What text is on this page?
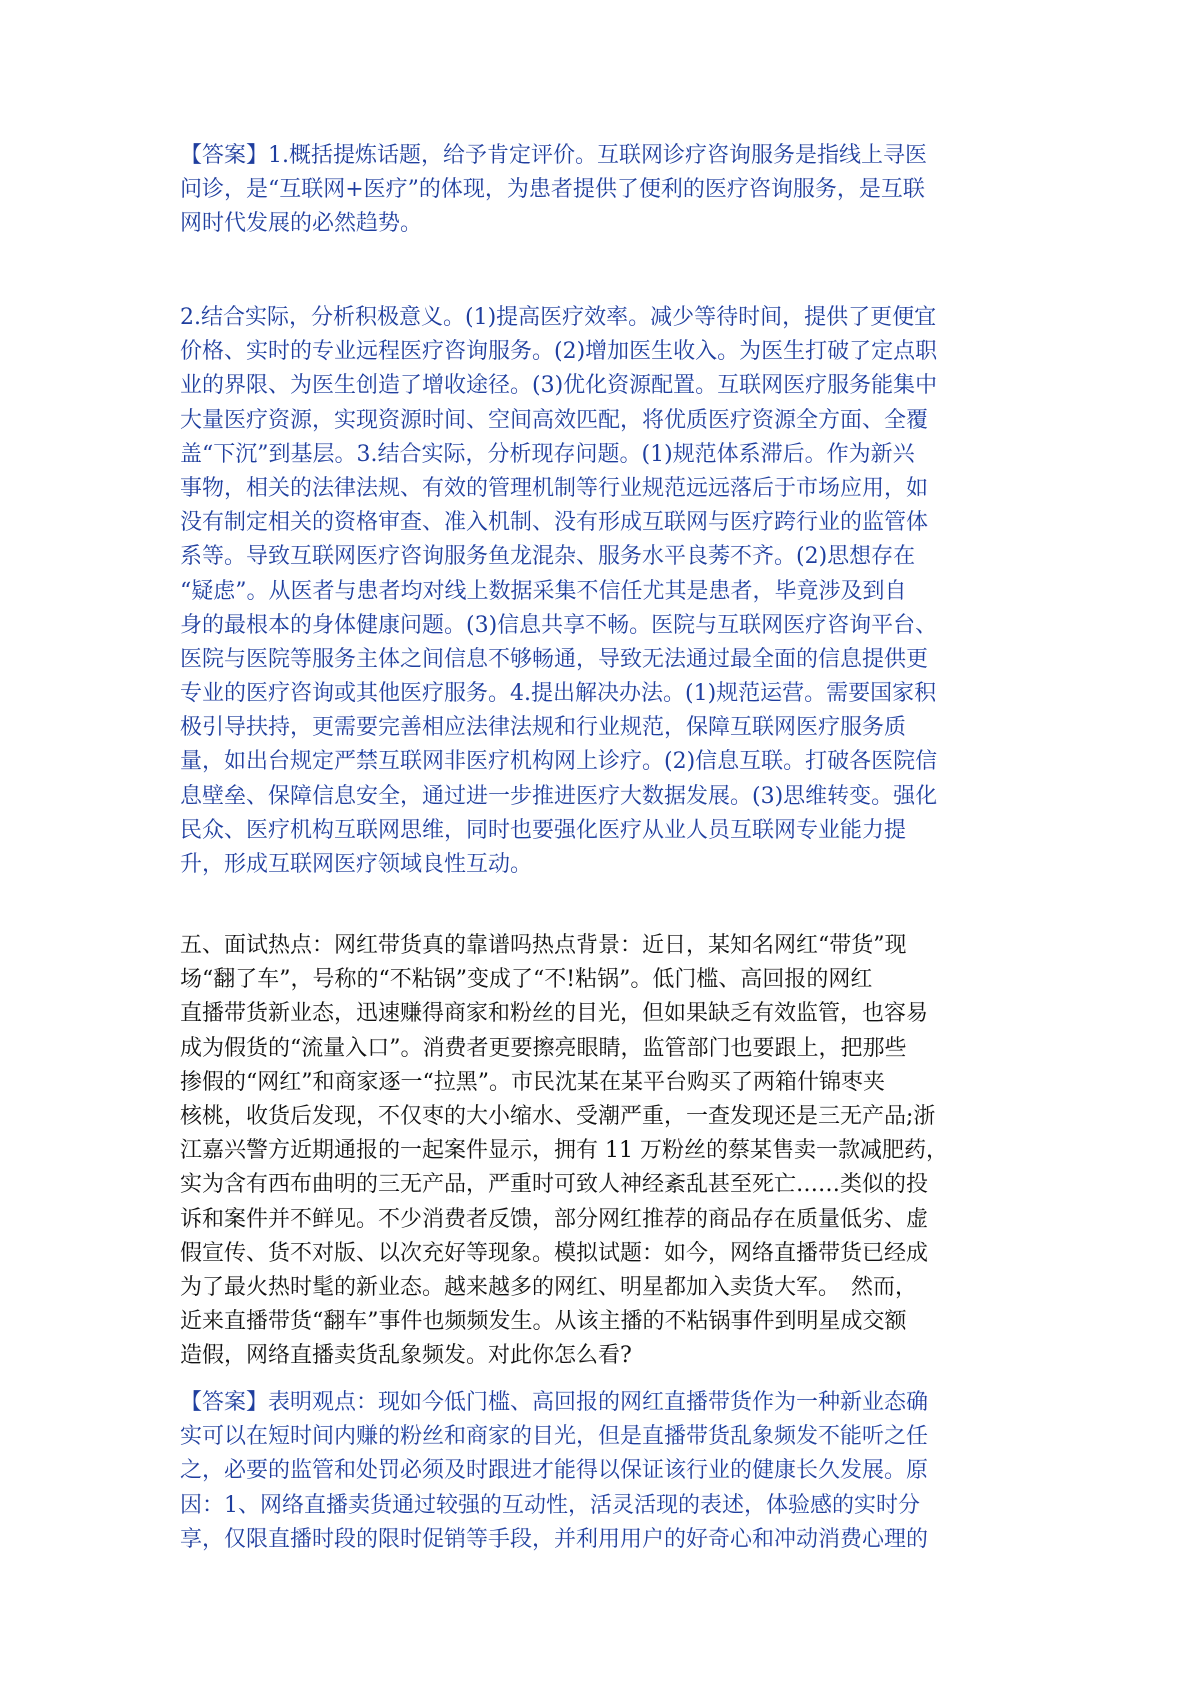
【答案】1.概括提炼话题，给予肯定评价。互联网诊疗咨询服务是指线上寻医
问诊，是“互联网+医疗”的体现，为患者提供了便利的医疗咨询服务，是互联
网时代发展的必然趋势。
2.结合实际，分析积极意义。(1)提高医疗效率。减少等待时间，提供了更便宜
价格、实时的专业远程医疗咨询服务。(2)增加医生收入。为医生打破了定点职
业的界限、为医生创造了增收途径。(3)优化资源配置。互联网医疗服务能集中
大量医疗资源，实现资源时间、空间高效匹配，将优质医疗资源全方面、全覆
盖“下沉”到基层。3.结合实际，分析现存问题。(1)规范体系滞后。作为新兴
事物，相关的法律法规、有效的管理机制等行业规范远远落后于市场应用，如
没有制定相关的资格审查、准入机制、没有形成互联网与医疗跨行业的监管体
系等。导致互联网医疗咨询服务鱼龙混杂、服务水平良莠不齐。(2)思想存在
“疑虑”。从医者与患者均对线上数据采集不信任尤其是患者，毕竟涉及到自
身的最根本的身体健康问题。(3)信息共享不畅。医院与互联网医疗咨询平台、
医院与医院等服务主体之间信息不够畅通，导致无法通过最全面的信息提供更
专业的医疗咨询或其他医疗服务。4.提出解决办法。(1)规范运营。需要国家积
极引导扶持，更需要完善相应法律法规和行业规范，保障互联网医疗服务质
量，如出台规定严禁互联网非医疗机构网上诊疗。(2)信息互联。打破各医院信
息壁垒、保障信息安全，通过进一步推进医疗大数据发展。(3)思维转变。强化
民众、医疗机构互联网思维，同时也要强化医疗从业人员互联网专业能力提
升，形成互联网医疗领域良性互动。
五、面试热点：网红带货真的靠谱吗热点背景：近日，某知名网红“带货”现
场“翻了车”，号称的“不粘锅”变成了“不!粘锅”。低门槛、高回报的网红
直播带货新业态，迅速赚得商家和粉丝的目光，但如果缺乏有效监管，也容易
成为假货的“流量入口”。消费者更要擦亮眼睛，监管部门也要跟上，把那些
掺假的“网红”和商家逐一“拉黑”。市民沈某在某平台购买了两箱什锦枣夹
核桃，收货后发现，不仅枣的大小缩水、受潮严重，一查发现还是三无产品;浙
江嘉兴警方近期通报的一起案件显示，拥有 11 万粉丝的蔡某售卖一款减肥药，
实为含有西布曲明的三无产品，严重时可致人神经紊乱甚至死亡……类似的投
诉和案件并不鲜见。不少消费者反馈，部分网红推荐的商品存在质量低劣、虚
假宣传、货不对版、以次充好等现象。模拟试题：如今，网络直播带货已经成
为了最火热时髦的新业态。越来越多的网红、明星都加入卖货大军。　然而，
近来直播带货“翻车”事件也频频发生。从该主播的不粘锅事件到明星成交额
造假，网络直播卖货乱象频发。对此你怎么看?
【答案】表明观点：现如今低门槛、高回报的网红直播带货作为一种新业态确
实可以在短时间内赚的粉丝和商家的目光，但是直播带货乱象频发不能听之任
之，必要的监管和处罚必须及时跟进才能得以保证该行业的健康长久发展。原
因：1、网络直播卖货通过较强的互动性，活灵活现的表述，体验感的实时分
享，仅限直播时段的限时促销等手段，并利用用户的好奇心和冲动消费心理的
